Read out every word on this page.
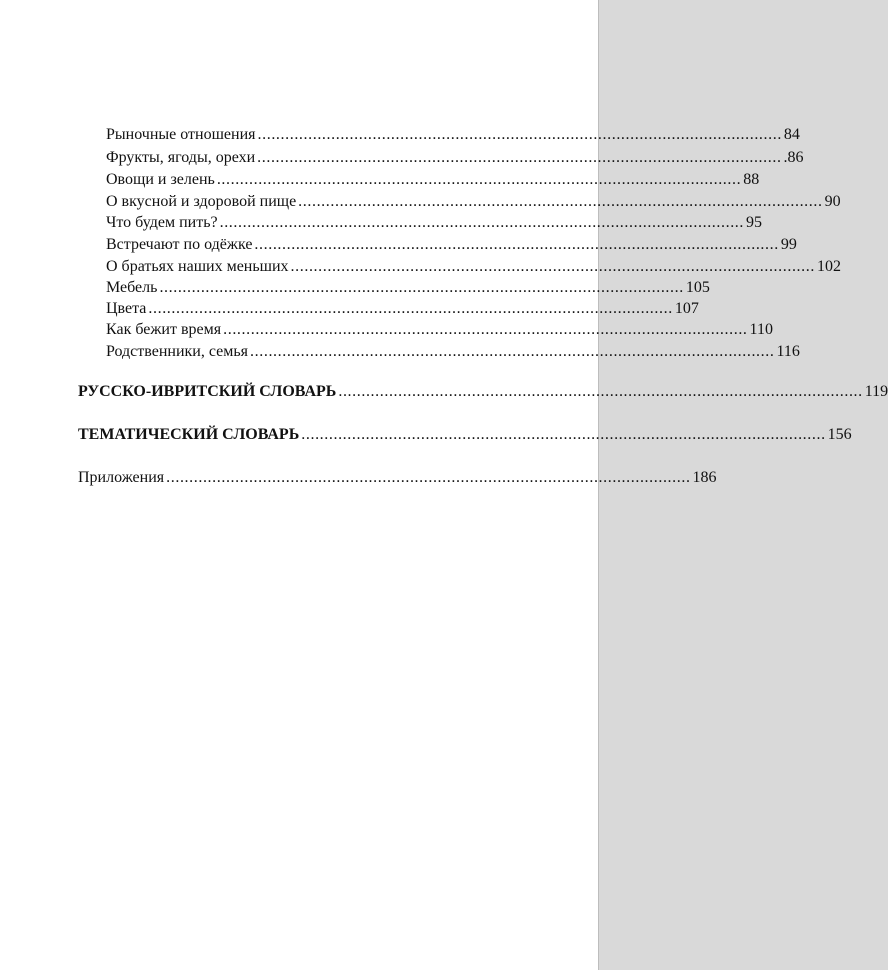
Рыночные отношения .................................................................................................................. 84
Фрукты, ягоды, орехи .................................................................................................................. .86
Овощи и зелень .................................................................................................................. 88
О вкусной и здоровой пище .................................................................................................................. 90
Что будем пить? .................................................................................................................. 95
Встречают по одёжке .................................................................................................................. 99
О братьях наших меньших .................................................................................................................. 102
Мебель .................................................................................................................. 105
Цвета .................................................................................................................. 107
Как бежит время .................................................................................................................. 110
Родственники, семья .................................................................................................................. 116
РУССКО-ИВРИТСКИЙ СЛОВАРЬ .................................................................................................................. 119
ТЕМАТИЧЕСКИЙ СЛОВАРЬ .................................................................................................................. 156
Приложения .................................................................................................................. 186
